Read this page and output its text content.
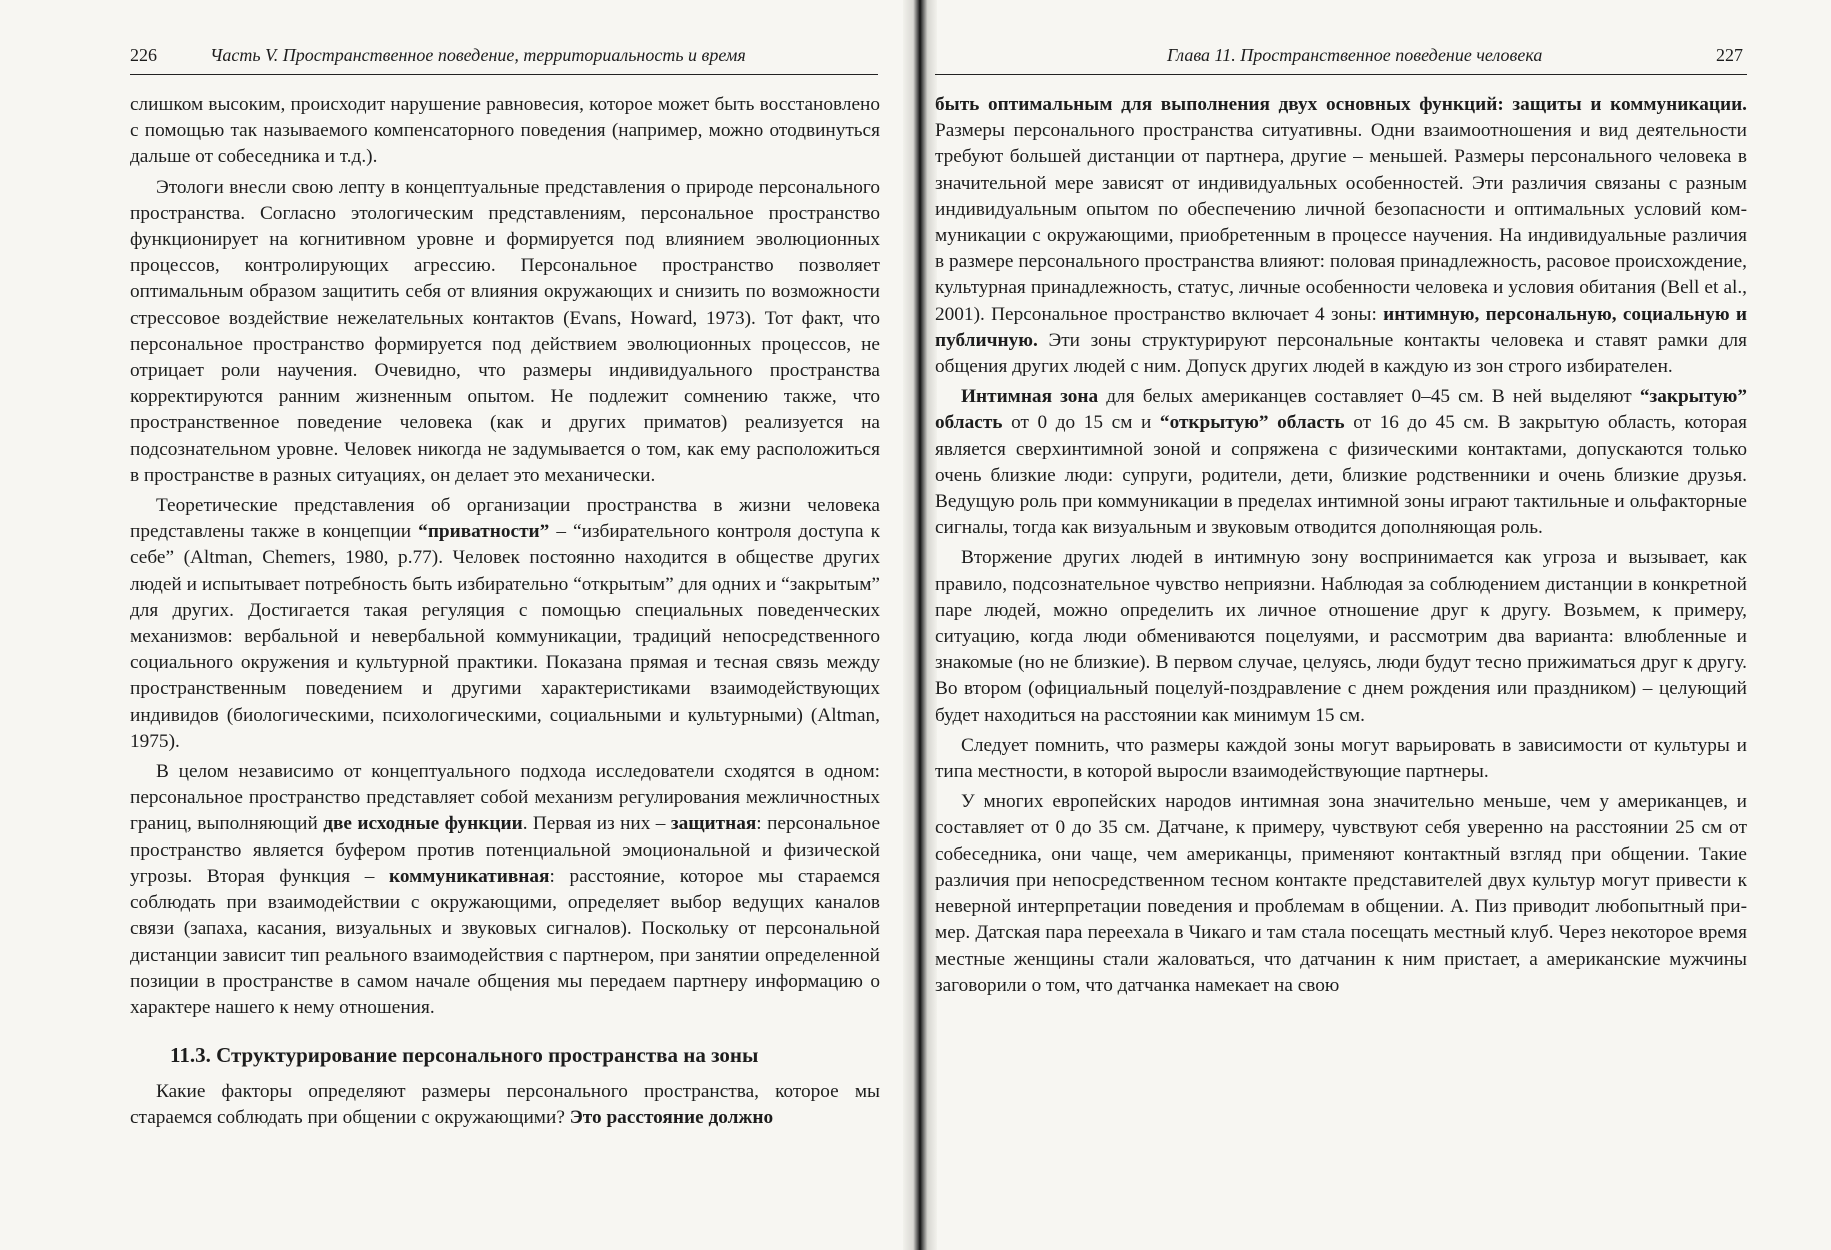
226	Часть V. Пространственное поведение, территориальность и время

слишком высоким, происходит нарушение равновесия, которое может быть восстановлено с помощью так называемого компенсаторного поведения (например, можно отодвинуться дальше от собеседника и т.д.).

Этологи внесли свою лепту в концептуальные представления о природе персонального пространства. Согласно этологическим представлениям, персональное пространство функционирует на когнитивном уровне и формируется под влиянием эволюционных процессов, контролирующих агрессию. Персональное пространство позволяет оптимальным образом защитить себя от влияния окружающих и снизить по возможности стрессовое воздействие нежелательных контактов (Evans, Howard, 1973). Тот факт, что персональное пространство формируется под действием эволюционных процессов, не отрицает роли научения. Очевидно, что размеры индивидуального пространства корректируются ранним жизненным опытом. Не подлежит сомнению также, что пространственное поведение человека (как и других приматов) реализуется на подсознательном уровне. Человек никогда не задумывается о том, как ему расположиться в пространстве в разных ситуациях, он делает это механически.

Теоретические представления об организации пространства в жизни человека представлены также в концепции “приватности” – “избирательного контроля доступа к себе” (Altman, Chemers, 1980, p.77). Человек постоянно находится в обществе других людей и испытывает потребность быть избирательно “открытым” для одних и “закрытым” для других. Достигается такая регуляция с помощью специальных поведенческих механизмов: вербальной и невербальной коммуникации, традиций непосредственного социального окружения и культурной практики. Показана прямая и тесная связь между пространственным поведением и другими характеристиками взаимодействующих индивидов (биологическими, психологическими, социальными и культурными) (Altman, 1975).

В целом независимо от концептуального подхода исследователи сходятся в одном: персональное пространство представляет собой механизм регулирования межличностных границ, выполняющий две исходные функции. Первая из них – защитная: персональное пространство является буфером против потенциальной эмоциональной и физической угрозы. Вторая функция – коммуникативная: расстояние, которое мы стараемся соблюдать при взаимодействии с окружающими, определяет выбор ведущих каналов связи (запаха, касания, визуальных и звуковых сигналов). Поскольку от персональной дистанции зависит тип реального взаимодействия с партнером, при занятии определенной позиции в пространстве в самом начале общения мы передаем партнеру информацию о характере нашего к нему отношения.

11.3. Структурирование персонального пространства на зоны

Какие факторы определяют размеры персонального пространства, которое мы стараемся соблюдать при общении с окружающими? Это расстояние должно

Глава 11. Пространственное поведение человека	227

быть оптимальным для выполнения двух основных функций: защиты и коммуникации. Размеры персонального пространства ситуативны. Одни взаимоотношения и вид деятельности требуют большей дистанции от партнера, другие – меньшей. Размеры персонального человека в значительной мере зависят от индивидуальных особенностей. Эти различия связаны с разным индивидуальным опытом по обеспечению личной безопасности и оптимальных условий коммуникации с окружающими, приобретенным в процессе научения. На индивидуальные различия в размере персонального пространства влияют: половая принадлежность, расовое происхождение, культурная принадлежность, статус, личные особенности человека и условия обитания (Bell et al., 2001). Персональное пространство включает 4 зоны: интимную, персональную, социальную и публичную. Эти зоны структурируют персональные контакты человека и ставят рамки для общения других людей с ним. Допуск других людей в каждую из зон строго избирателен.

Интимная зона для белых американцев составляет 0–45 см. В ней выделяют “закрытую” область от 0 до 15 см и “открытую” область от 16 до 45 см. В закрытую область, которая является сверхинтимной зоной и сопряжена с физическими контактами, допускаются только очень близкие люди: супруги, родители, дети, близкие родственники и очень близкие друзья. Ведущую роль при коммуникации в пределах интимной зоны играют тактильные и ольфакторные сигналы, тогда как визуальным и звуковым отводится дополняющая роль.

Вторжение других людей в интимную зону воспринимается как угроза и вызывает, как правило, подсознательное чувство неприязни. Наблюдая за соблюдением дистанции в конкретной паре людей, можно определить их личное отношение друг к другу. Возьмем, к примеру, ситуацию, когда люди обмениваются поцелуями, и рассмотрим два варианта: влюбленные и знакомые (но не близкие). В первом случае, целуясь, люди будут тесно прижиматься друг к другу. Во втором (официальный поцелуй-поздравление с днем рождения или праздником) – целующий будет находиться на расстоянии как минимум 15 см.

Следует помнить, что размеры каждой зоны могут варьировать в зависимости от культуры и типа местности, в которой выросли взаимодействующие партнеры.

У многих европейских народов интимная зона значительно меньше, чем у американцев, и составляет от 0 до 35 см. Датчане, к примеру, чувствуют себя уверенно на расстоянии 25 см от собеседника, они чаще, чем американцы, применяют контактный взгляд при общении. Такие различия при непосредственном тесном контакте представителей двух культур могут привести к неверной интерпретации поведения и проблемам в общении. А. Пиз приводит любопытный пример. Датская пара переехала в Чикаго и там стала посещать местный клуб. Через некоторое время местные женщины стали жаловаться, что датчанин к ним пристает, а американские мужчины заговорили о том, что датчанка намекает на свою
